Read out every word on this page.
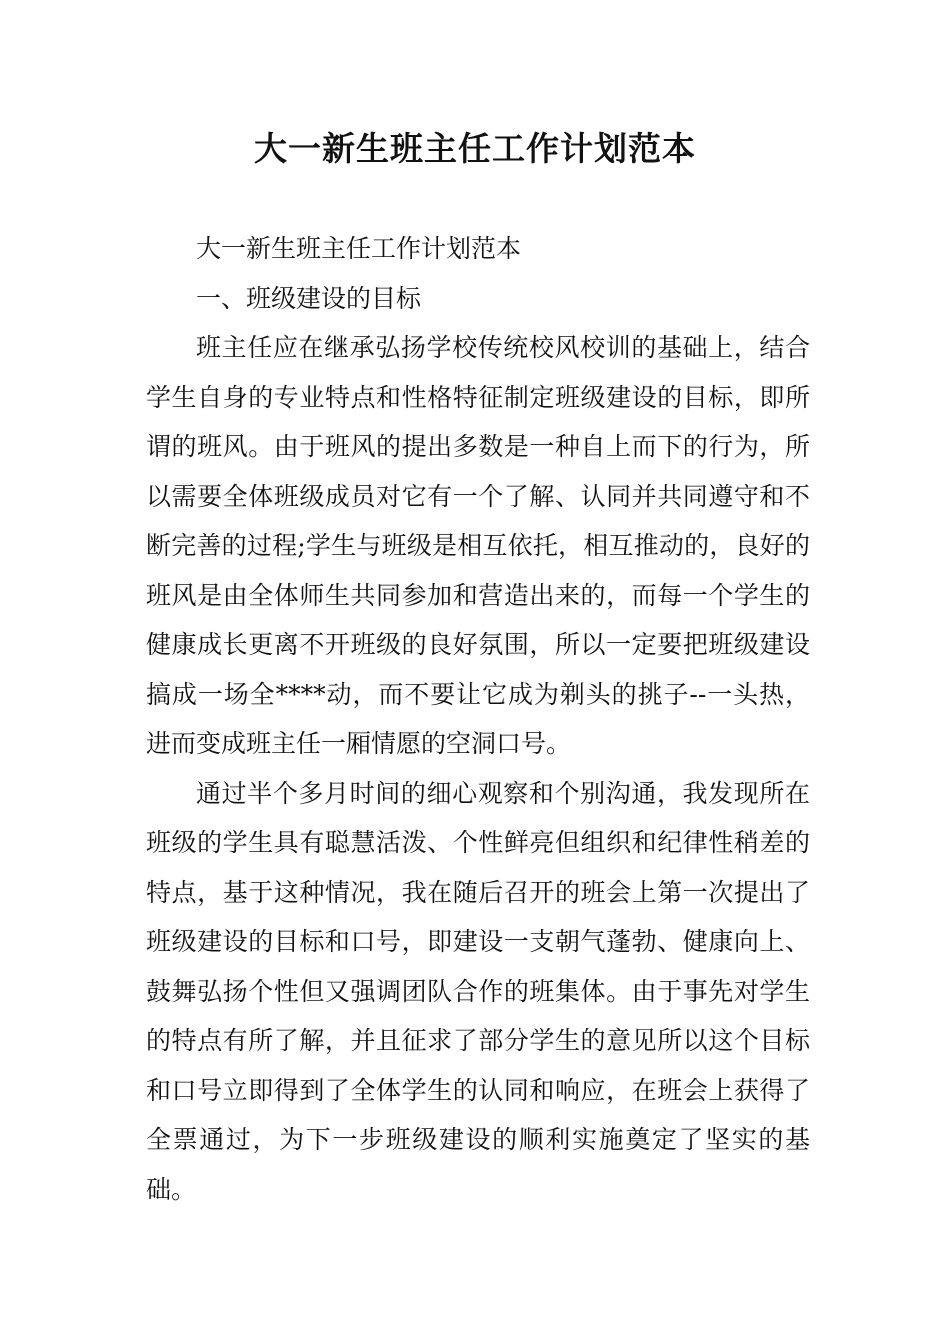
大一新生班主任工作计划范本

大一新生班主任工作计划范本

一、班级建设的目标

班主任应在继承弘扬学校传统校风校训的基础上，结合学生自身的专业特点和性格特征制定班级建设的目标，即所谓的班风。由于班风的提出多数是一种自上而下的行为，所以需要全体班级成员对它有一个了解、认同并共同遵守和不断完善的过程;学生与班级是相互依托，相互推动的，良好的班风是由全体师生共同参加和营造出来的，而每一个学生的健康成长更离不开班级的良好氛围，所以一定要把班级建设搞成一场全****动，而不要让它成为剃头的挑子--一头热，进而变成班主任一厢情愿的空洞口号。

通过半个多月时间的细心观察和个别沟通，我发现所在班级的学生具有聪慧活泼、个性鲜亮但组织和纪律性稍差的特点，基于这种情况，我在随后召开的班会上第一次提出了班级建设的目标和口号，即建设一支朝气蓬勃、健康向上、鼓舞弘扬个性但又强调团队合作的班集体。由于事先对学生的特点有所了解，并且征求了部分学生的意见所以这个目标和口号立即得到了全体学生的认同和响应，在班会上获得了全票通过，为下一步班级建设的顺利实施奠定了坚实的基础。
